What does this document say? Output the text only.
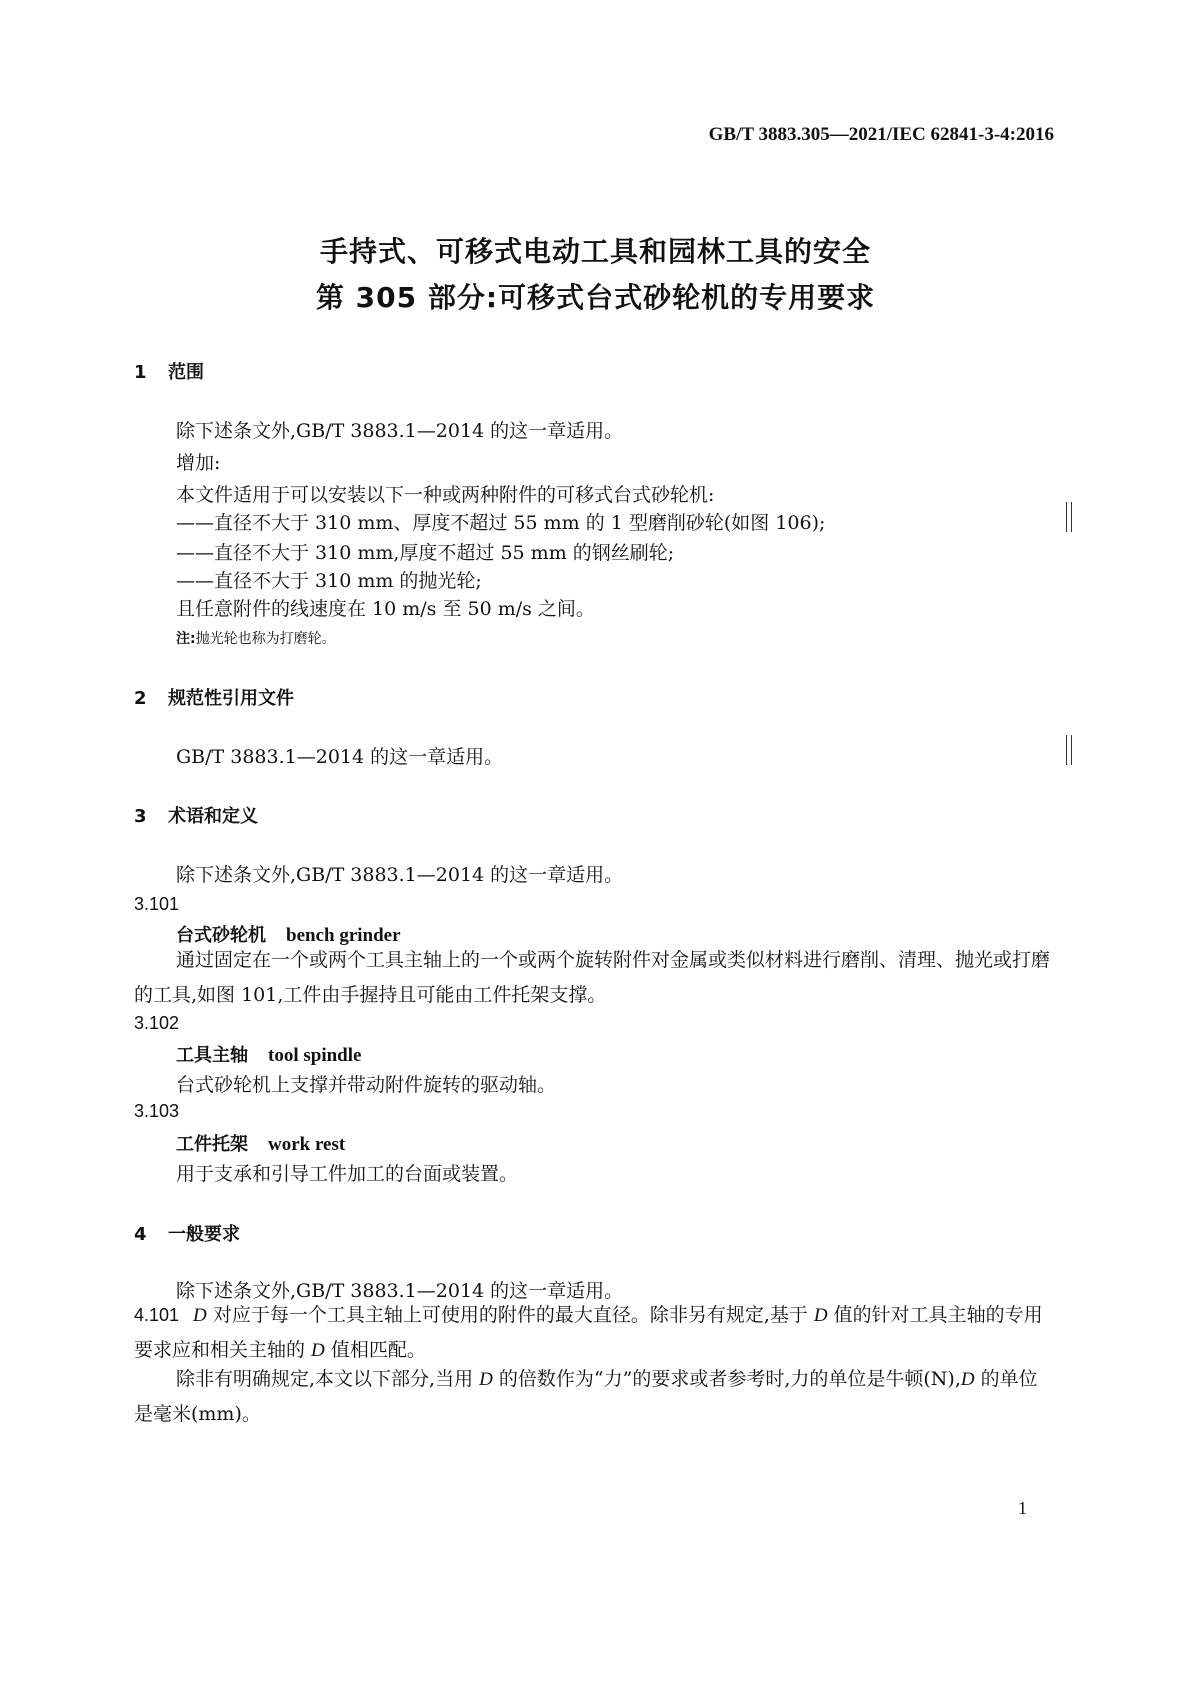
GB/T 3883.305—2021/IEC 62841-3-4:2016
手持式、可移式电动工具和园林工具的安全
第 305 部分:可移式台式砂轮机的专用要求
1 范围
除下述条文外,GB/T 3883.1—2014 的这一章适用。
增加:
本文件适用于可以安装以下一种或两种附件的可移式台式砂轮机:
——直径不大于 310 mm、厚度不超过 55 mm 的 1 型磨削砂轮(如图 106);
——直径不大于 310 mm,厚度不超过 55 mm 的钢丝刷轮;
——直径不大于 310 mm 的抛光轮;
且任意附件的线速度在 10 m/s 至 50 m/s 之间。
注:抛光轮也称为打磨轮。
2 规范性引用文件
GB/T 3883.1—2014 的这一章适用。
3 术语和定义
除下述条文外,GB/T 3883.1—2014 的这一章适用。
3.101
台式砂轮机 bench grinder
通过固定在一个或两个工具主轴上的一个或两个旋转附件对金属或类似材料进行磨削、清理、抛光或打磨的工具,如图 101,工件由手握持且可能由工件托架支撑。
3.102
工具主轴 tool spindle
台式砂轮机上支撑并带动附件旋转的驱动轴。
3.103
工件托架 work rest
用于支承和引导工件加工的台面或装置。
4 一般要求
除下述条文外,GB/T 3883.1—2014 的这一章适用。
4.101 D 对应于每一个工具主轴上可使用的附件的最大直径。除非另有规定,基于 D 值的针对工具主轴的专用要求应和相关主轴的 D 值相匹配。
除非有明确规定,本文以下部分,当用 D 的倍数作为“力”的要求或者参考时,力的单位是牛顿(N),D 的单位是毫米(mm)。
1
